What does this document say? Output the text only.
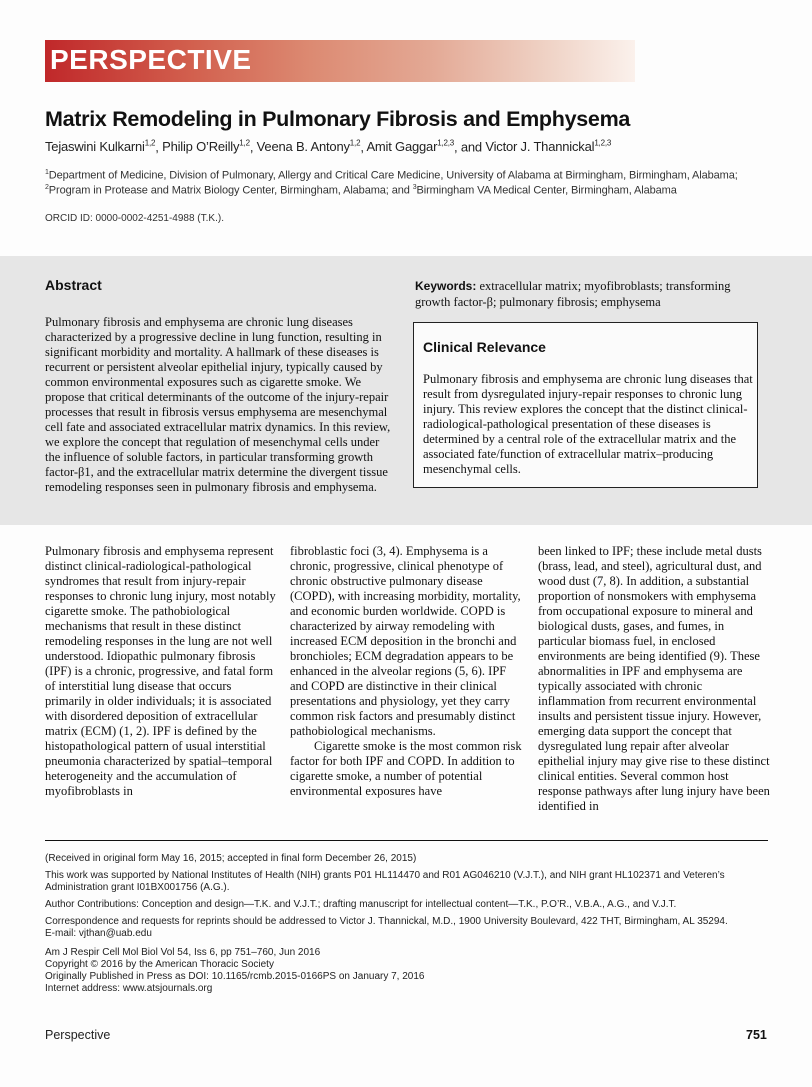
PERSPECTIVE
Matrix Remodeling in Pulmonary Fibrosis and Emphysema
Tejaswini Kulkarni$^{1,2}$, Philip O’Reilly$^{1,2}$, Veena B. Antony$^{1,2}$, Amit Gaggar$^{1,2,3}$, and Victor J. Thannickal$^{1,2,3}$
$^1$Department of Medicine, Division of Pulmonary, Allergy and Critical Care Medicine, University of Alabama at Birmingham, Birmingham, Alabama; $^2$Program in Protease and Matrix Biology Center, Birmingham, Alabama; and $^3$Birmingham VA Medical Center, Birmingham, Alabama
ORCID ID: 0000-0002-4251-4988 (T.K.).
Abstract
Pulmonary fibrosis and emphysema are chronic lung diseases characterized by a progressive decline in lung function, resulting in significant morbidity and mortality. A hallmark of these diseases is recurrent or persistent alveolar epithelial injury, typically caused by common environmental exposures such as cigarette smoke. We propose that critical determinants of the outcome of the injury-repair processes that result in fibrosis versus emphysema are mesenchymal cell fate and associated extracellular matrix dynamics. In this review, we explore the concept that regulation of mesenchymal cells under the influence of soluble factors, in particular transforming growth factor-β1, and the extracellular matrix determine the divergent tissue remodeling responses seen in pulmonary fibrosis and emphysema.
Keywords: extracellular matrix; myofibroblasts; transforming growth factor-β; pulmonary fibrosis; emphysema
Clinical Relevance
Pulmonary fibrosis and emphysema are chronic lung diseases that result from dysregulated injury-repair responses to chronic lung injury. This review explores the concept that the distinct clinical-radiological-pathological presentation of these diseases is determined by a central role of the extracellular matrix and the associated fate/function of extracellular matrix–producing mesenchymal cells.

Pulmonary fibrosis and emphysema represent distinct clinical-radiological-pathological syndromes that result from injury-repair responses to chronic lung injury, most notably cigarette smoke. The pathobiological mechanisms that result in these distinct remodeling responses in the lung are not well understood. Idiopathic pulmonary fibrosis (IPF) is a chronic, progressive, and fatal form of interstitial lung disease that occurs primarily in older individuals; it is associated with disordered deposition of extracellular matrix (ECM) (1, 2). IPF is defined by the histopathological pattern of usual interstitial pneumonia characterized by spatial–temporal heterogeneity and the accumulation of myofibroblasts in

fibroblastic foci (3, 4). Emphysema is a chronic, progressive, clinical phenotype of chronic obstructive pulmonary disease (COPD), with increasing morbidity, mortality, and economic burden worldwide. COPD is characterized by airway remodeling with increased ECM deposition in the bronchi and bronchioles; ECM degradation appears to be enhanced in the alveolar regions (5, 6). IPF and COPD are distinctive in their clinical presentations and physiology, yet they carry common risk factors and presumably distinct pathobiological mechanisms.

Cigarette smoke is the most common risk factor for both IPF and COPD. In addition to cigarette smoke, a number of potential environmental exposures have

been linked to IPF; these include metal dusts (brass, lead, and steel), agricultural dust, and wood dust (7, 8). In addition, a substantial proportion of nonsmokers with emphysema from occupational exposure to mineral and biological dusts, gases, and fumes, in particular biomass fuel, in enclosed environments are being identified (9). These abnormalities in IPF and emphysema are typically associated with chronic inflammation from recurrent environmental insults and persistent tissue injury. However, emerging data support the concept that dysregulated lung repair after alveolar epithelial injury may give rise to these distinct clinical entities. Several common host response pathways after lung injury have been identified in

(Received in original form May 16, 2015; accepted in final form December 26, 2015)
This work was supported by National Institutes of Health (NIH) grants P01 HL114470 and R01 AG046210 (V.J.T.), and NIH grant HL102371 and Veteren’s Administration grant I01BX001756 (A.G.).
Author Contributions: Conception and design—T.K. and V.J.T.; drafting manuscript for intellectual content—T.K., P.O’R., V.B.A., A.G., and V.J.T.
Correspondence and requests for reprints should be addressed to Victor J. Thannickal, M.D., 1900 University Boulevard, 422 THT, Birmingham, AL 35294.
E-mail: vjthan@uab.edu
Am J Respir Cell Mol Biol Vol 54, Iss 6, pp 751–760, Jun 2016
Copyright © 2016 by the American Thoracic Society
Originally Published in Press as DOI: 10.1165/rcmb.2015-0166PS on January 7, 2016
Internet address: www.atsjournals.org
Perspective	751
